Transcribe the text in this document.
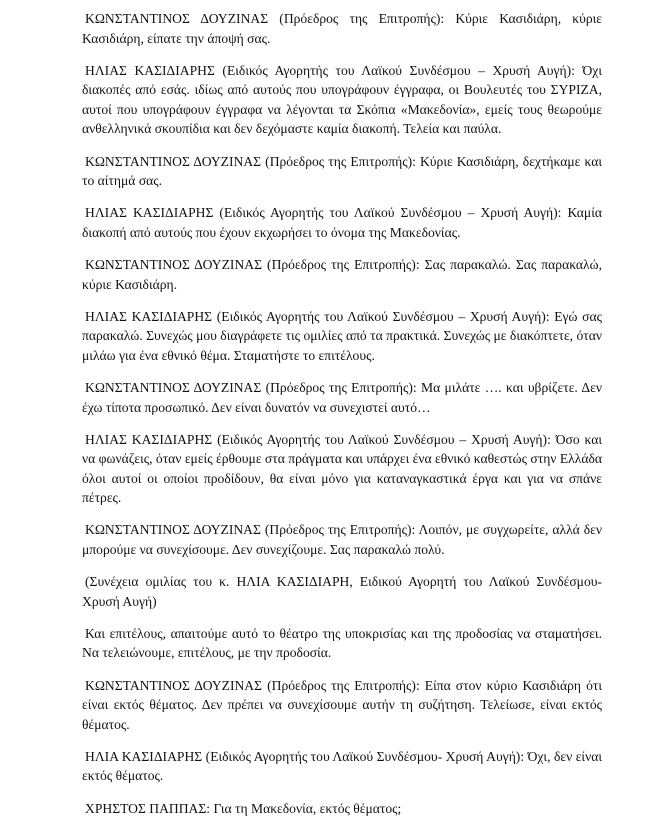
ΚΩΝΣΤΑΝΤΙΝΟΣ ΔΟΥΖΙΝΑΣ (Πρόεδρος της Επιτροπής): Κύριε Κασιδιάρη, κύριε Κασιδιάρη, είπατε την άποψή σας.

ΗΛΙΑΣ ΚΑΣΙΔΙΑΡΗΣ (Ειδικός Αγορητής του Λαϊκού Συνδέσμου – Χρυσή Αυγή): Όχι διακοπές από εσάς. ιδίως από αυτούς που υπογράφουν έγγραφα, οι Βουλευτές του ΣΥΡΙΖΑ, αυτοί που υπογράφουν έγγραφα να λέγονται τα Σκόπια «Μακεδονία», εμείς τους θεωρούμε ανθελληνικά σκουπίδια και δεν δεχόμαστε καμία διακοπή. Τελεία και παύλα.

ΚΩΝΣΤΑΝΤΙΝΟΣ ΔΟΥΖΙΝΑΣ (Πρόεδρος της Επιτροπής): Κύριε Κασιδιάρη, δεχτήκαμε και το αίτημά σας.

ΗΛΙΑΣ ΚΑΣΙΔΙΑΡΗΣ (Ειδικός Αγορητής του Λαϊκού Συνδέσμου – Χρυσή Αυγή): Καμία διακοπή από αυτούς που έχουν εκχωρήσει το όνομα της Μακεδονίας.

ΚΩΝΣΤΑΝΤΙΝΟΣ ΔΟΥΖΙΝΑΣ (Πρόεδρος της Επιτροπής): Σας παρακαλώ. Σας παρακαλώ, κύριε Κασιδιάρη.

ΗΛΙΑΣ ΚΑΣΙΔΙΑΡΗΣ (Ειδικός Αγορητής του Λαϊκού Συνδέσμου – Χρυσή Αυγή): Εγώ σας παρακαλώ. Συνεχώς μου διαγράφετε τις ομιλίες από τα πρακτικά. Συνεχώς με διακόπτετε, όταν μιλάω για ένα εθνικό θέμα. Σταματήστε το επιτέλους.

ΚΩΝΣΤΑΝΤΙΝΟΣ ΔΟΥΖΙΝΑΣ (Πρόεδρος της Επιτροπής): Μα μιλάτε …. και υβρίζετε. Δεν έχω τίποτα προσωπικό. Δεν είναι δυνατόν να συνεχιστεί αυτό…

ΗΛΙΑΣ ΚΑΣΙΔΙΑΡΗΣ (Ειδικός Αγορητής του Λαϊκού Συνδέσμου – Χρυσή Αυγή): Όσο και να φωνάζεις, όταν εμείς έρθουμε στα πράγματα και υπάρχει ένα εθνικό καθεστώς στην Ελλάδα όλοι αυτοί οι οποίοι προδίδουν, θα είναι μόνο για καταναγκαστικά έργα και για να σπάνε πέτρες.

ΚΩΝΣΤΑΝΤΙΝΟΣ ΔΟΥΖΙΝΑΣ (Πρόεδρος της Επιτροπής): Λοιπόν, με συγχωρείτε, αλλά δεν μπορούμε να συνεχίσουμε. Δεν συνεχίζουμε. Σας παρακαλώ πολύ.

(Συνέχεια ομιλίας του κ. ΗΛΙΑ ΚΑΣΙΔΙΑΡΗ, Ειδικού Αγορητή του Λαϊκού Συνδέσμου- Χρυσή Αυγή)

Και επιτέλους, απαιτούμε αυτό το θέατρο της υποκρισίας και της προδοσίας να σταματήσει. Να τελειώνουμε, επιτέλους, με την προδοσία.

ΚΩΝΣΤΑΝΤΙΝΟΣ ΔΟΥΖΙΝΑΣ (Πρόεδρος της Επιτροπής): Είπα στον κύριο Κασιδιάρη ότι είναι εκτός θέματος. Δεν πρέπει να συνεχίσουμε αυτήν τη συζήτηση. Τελείωσε, είναι εκτός θέματος.

ΗΛΙΑ ΚΑΣΙΔΙΑΡΗΣ (Ειδικός Αγορητής του Λαϊκού Συνδέσμου- Χρυσή Αυγή): Όχι, δεν είναι εκτός θέματος.

ΧΡΗΣΤΟΣ ΠΑΠΠΑΣ: Για τη Μακεδονία, εκτός θέματος;
